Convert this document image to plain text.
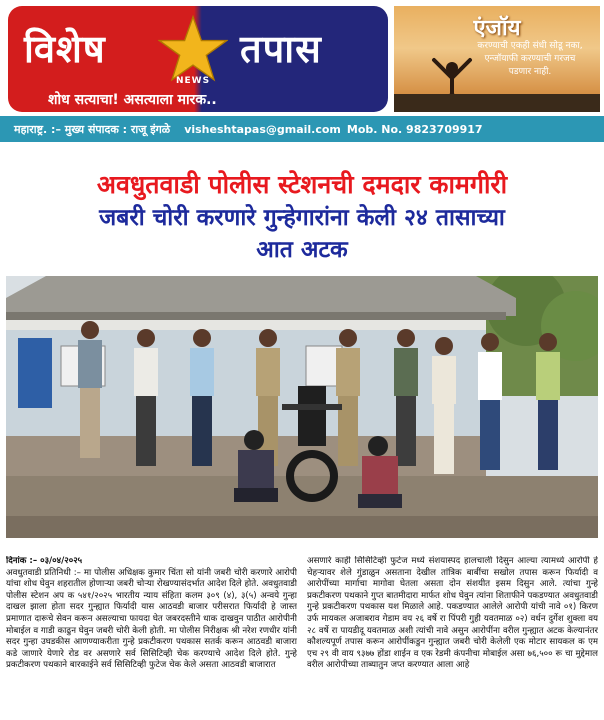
विशेष
NEWS
तपास
शोध सत्याचा! असत्याला मारक..
एंजॉय
करण्याची एकही संधी सोडू नका,
एन्जॉयाफी करण्याची गरजच
पडणार नाही.
महाराष्ट्र. :– मुख्य संपादक : राजू इंगळे visheshtapas@gmail.com Mob. No. 9823709917
अवधुतवाडी पोलीस स्टेशनची दमदार कामगीरी
जबरी चोरी करणारे गुन्हेगारांना केली २४ तासाच्या
आत अटक

दिनांक :– ०३/०४/२०२५

अवधुतवाडी प्रतिनिधी :– मा पोलीस अधिक्षक कुमार चिंता सो यांनी जबरी चोरी करणारे आरोपी यांचा शोध घेवुन शहरातील होणाऱ्या जबरी चोऱ्या रोखण्यासंदर्भात आदेश दिले होते. अवधुतवाडी पोलीस स्टेशन अप क ५४१/२०२५ भारतीय न्याय संहिता कलम ३०९ (४), ३(५) अन्वये गुन्हा दाखल झाला होता सदर गुन्ह्यात फिर्यादी यास आठवडी बाजार परीसरात फिर्यादी हे जास्त प्रमाणात दारूचे सेवन करून असल्याचा फायदा घेत जबरदस्तीने धाक दाखवुन पाठीत आरोपीनी मोबाईल व गाडी काढुन घेवुन जबरी चोरी केली होती. मा पोलीस निरीक्षक श्री नरेश रणधीर यांनी सदर गुन्हा उघडकीस आणण्याकरीता गुन्हे प्रकटीकरण पथकास सतर्क करून आठवडी बाजारा कडे जाणारे येणारे रोड वर असणारे सर्व सिसिटिव्ही चेक करण्याचे आदेश दिले होते. गुन्हे प्रकटीकरण पथकाने बारकाईने सर्व सिसिटिव्ही फुटेज चेक केले असता आठवडी बाजारात

असणारे काही सिसिटिव्ही फुटेज मध्ये संशयास्पद हालचाली दिसुन आल्या त्यामध्ये आरोपी हे चेहऱ्यावर शेले गुंडाळुन असताना देखील तांत्रिक बाबींचा सखोल तपास करून फिर्यादी व आरोपींच्या मार्गाचा मागोवा घेतला असता दोन संशयीत इसम दिसुन आले. त्यांचा गुन्हे प्रकटीकरण पथकाने गुप्त बातमीदारा मार्फत शोध घेवुन त्यांना शिताफीने पकडण्यात अवधुतवाडी गुन्हे प्रकटीकरण पथकास यश मिळाले आहे. पकडण्यात आलेले आरोपी यांची नावे ०१) किरण उर्फ मायकल अजाबराव गेडाम वय २६ वर्षे रा पिंपरी गुही यवतमाळ ०२) वर्धन दुर्गेश शुक्ला वय २८ वर्षे रा पायडीदू यवतमाळ अशी त्यांची नावे असुन आरोपींना वरील गुन्ह्यात अटक केल्यानंतर कौशल्यपूर्ण तपास करून आरोपींकडुन गुन्ह्यात जबरी चोरी केलेली एक मोटार सायकल क एम एच २९ वी वाय ९३७७ होंडा शाईन व एक रेडमी कंपनीचा मोबाईल असा ७६,५०० रू चा मुद्देमाल वरील आरोपीच्या ताब्यातुन जप्त करण्यात आला आहे
